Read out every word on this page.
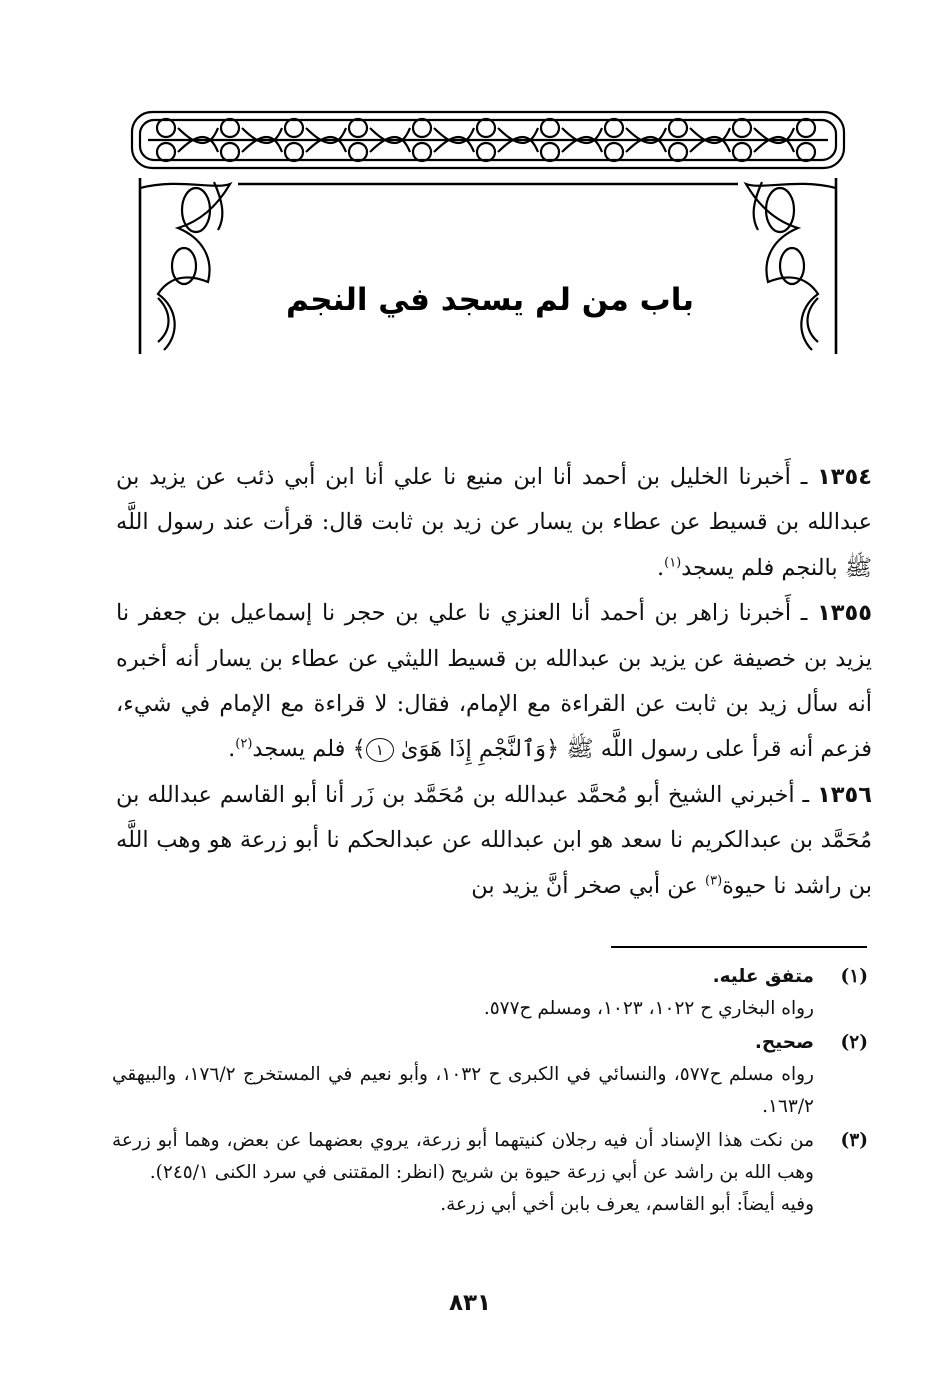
باب من لم يسجد في النجم

١٣٥٤ ـ أَخبرنا الخليل بن أحمد أنا ابن منيع نا علي أنا ابن أبي ذئب عن يزيد بن عبدالله بن قسيط عن عطاء بن يسار عن زيد بن ثابت قال: قرأت عند رسول اللَّه ﷺ بالنجم فلم يسجد$^{(١)}$.

١٣٥٥ ـ أَخبرنا زاهر بن أحمد أنا العنزي نا علي بن حجر نا إسماعيل بن جعفر نا يزيد بن خصيفة عن يزيد بن عبدالله بن قسيط الليثي عن عطاء بن يسار أنه أخبره أنه سأل زيد بن ثابت عن القراءة مع الإمام، فقال: لا قراءة مع الإمام في شيء، فزعم أنه قرأ على رسول اللَّه ﷺ ﴿وَٱلنَّجْمِ إِذَا هَوَىٰ ١﴾ فلم يسجد$^{(٢)}$.

١٣٥٦ ـ أخبرني الشيخ أبو مُحمَّد عبدالله بن مُحَمَّد بن زَر أنا أبو القاسم عبدالله بن مُحَمَّد بن عبدالكريم نا سعد هو ابن عبدالله عن عبدالحكم نا أبو زرعة هو وهب اللَّه بن راشد نا حيوة$^{(٣)}$ عن أبي صخر أنَّ يزيد بن

(١)
متفق عليه.
رواه البخاري ح ١٠٢٢، ١٠٢٣، ومسلم ح٥٧٧.
(٢)
صحيح.
رواه مسلم ح٥٧٧، والنسائي في الكبرى ح ١٠٣٢، وأبو نعيم في المستخرج ١٧٦/٢، والبيهقي ١٦٣/٢.
(٣)
من نكت هذا الإسناد أن فيه رجلان كنيتهما أبو زرعة، يروي بعضهما عن بعض، وهما أبو زرعة وهب الله بن راشد عن أبي زرعة حيوة بن شريح (انظر: المقتنى في سرد الكنى ٢٤٥/١).
وفيه أيضاً: أبو القاسم، يعرف بابن أخي أبي زرعة.
٨٣١
